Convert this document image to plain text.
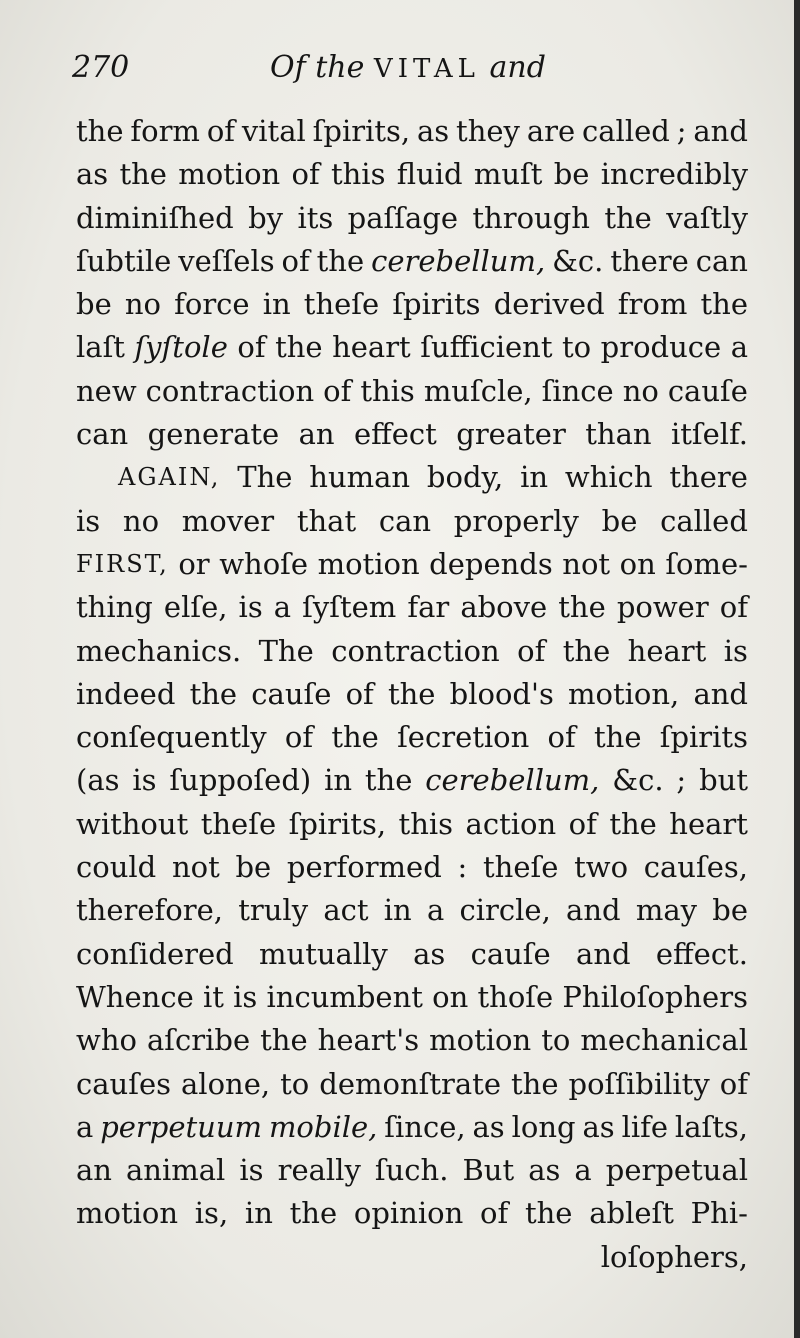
270	Of the VITAL and
the form of vital ſpirits, as they are called ; and
as the motion of this fluid muſt be incredibly
diminiſhed by its paſſage through the vaſtly
ſubtile veſſels of the cerebellum, &c. there can
be no force in theſe ſpirits derived from the
laſt ſyſtole of the heart ſufficient to produce a
new contraction of this muſcle, ſince no cauſe
can generate an effect greater than itſelf.
AGAIN, The human body, in which there
is no mover that can properly be called
FIRST, or whoſe motion depends not on ſome-
thing elſe, is a ſyſtem far above the power of
mechanics. The contraction of the heart is
indeed the cauſe of the blood's motion, and
conſequently of the ſecretion of the ſpirits
(as is ſuppoſed) in the cerebellum, &c. ; but
without theſe ſpirits, this action of the heart
could not be performed : theſe two cauſes,
therefore, truly act in a circle, and may be
conſidered mutually as cauſe and effect.
Whence it is incumbent on thoſe Philoſophers
who aſcribe the heart's motion to mechanical
cauſes alone, to demonſtrate the poſſibility of
a perpetuum mobile, ſince, as long as life laſts,
an animal is really ſuch. But as a perpetual
motion is, in the opinion of the ableſt Phi-
loſophers,
